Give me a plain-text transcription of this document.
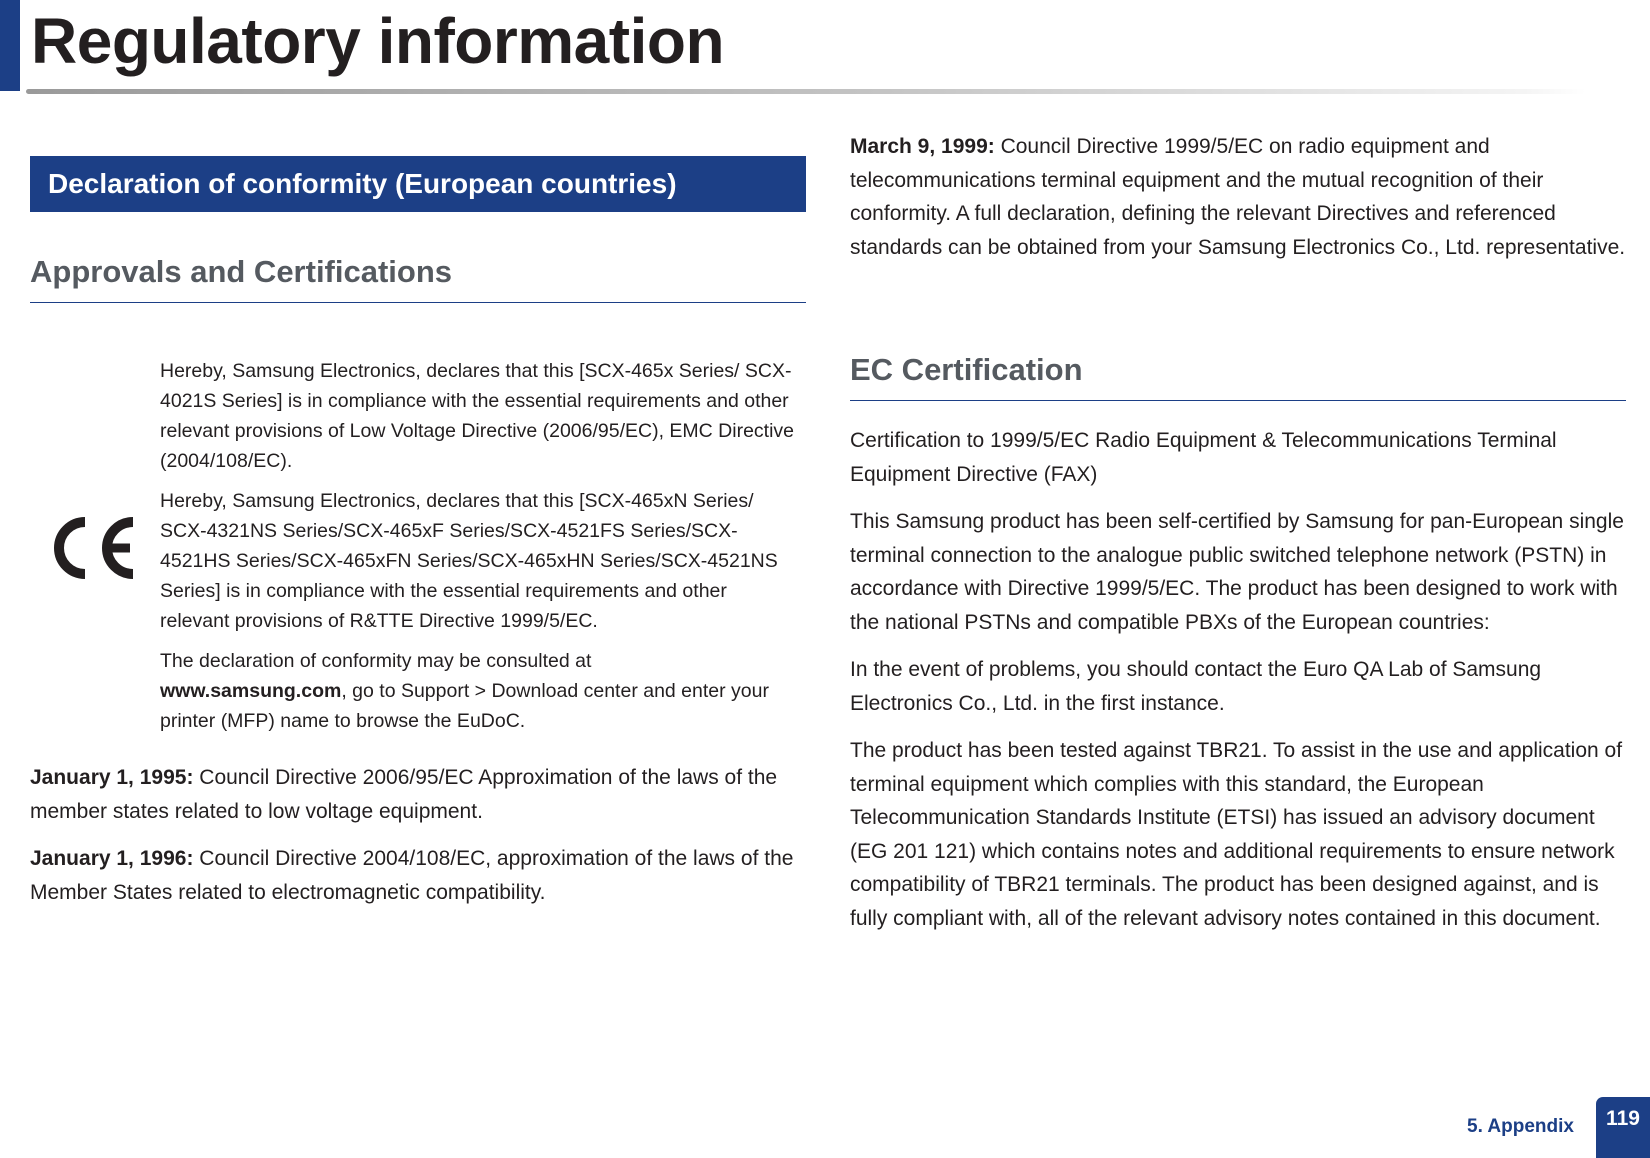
Regulatory information
Declaration of conformity (European countries)
Approvals and Certifications

Hereby, Samsung Electronics, declares that this [SCX-465x Series/ SCX-4021S Series] is in compliance with the essential requirements and other relevant provisions of Low Voltage Directive (2006/95/EC), EMC Directive (2004/108/EC).

Hereby, Samsung Electronics, declares that this [SCX-465xN Series/ SCX-4321NS Series/SCX-465xF Series/SCX-4521FS Series/SCX-4521HS Series/SCX-465xFN Series/SCX-465xHN Series/SCX-4521NS Series] is in compliance with the essential requirements and other relevant provisions of R&TTE Directive 1999/5/EC.

The declaration of conformity may be consulted at
www.samsung.com, go to Support > Download center and enter your printer (MFP) name to browse the EuDoC.

January 1, 1995: Council Directive 2006/95/EC Approximation of the laws of the member states related to low voltage equipment.

January 1, 1996: Council Directive 2004/108/EC, approximation of the laws of the Member States related to electromagnetic compatibility.

March 9, 1999: Council Directive 1999/5/EC on radio equipment and telecommunications terminal equipment and the mutual recognition of their conformity. A full declaration, defining the relevant Directives and referenced standards can be obtained from your Samsung Electronics Co., Ltd. representative.

EC Certification

Certification to 1999/5/EC Radio Equipment & Telecommunications Terminal Equipment Directive (FAX)

This Samsung product has been self-certified by Samsung for pan-European single terminal connection to the analogue public switched telephone network (PSTN) in accordance with Directive 1999/5/EC. The product has been designed to work with the national PSTNs and compatible PBXs of the European countries:

In the event of problems, you should contact the Euro QA Lab of Samsung Electronics Co., Ltd. in the first instance.

The product has been tested against TBR21. To assist in the use and application of terminal equipment which complies with this standard, the European Telecommunication Standards Institute (ETSI) has issued an advisory document (EG 201 121) which contains notes and additional requirements to ensure network compatibility of TBR21 terminals. The product has been designed against, and is fully compliant with, all of the relevant advisory notes contained in this document.

5. Appendix	119
